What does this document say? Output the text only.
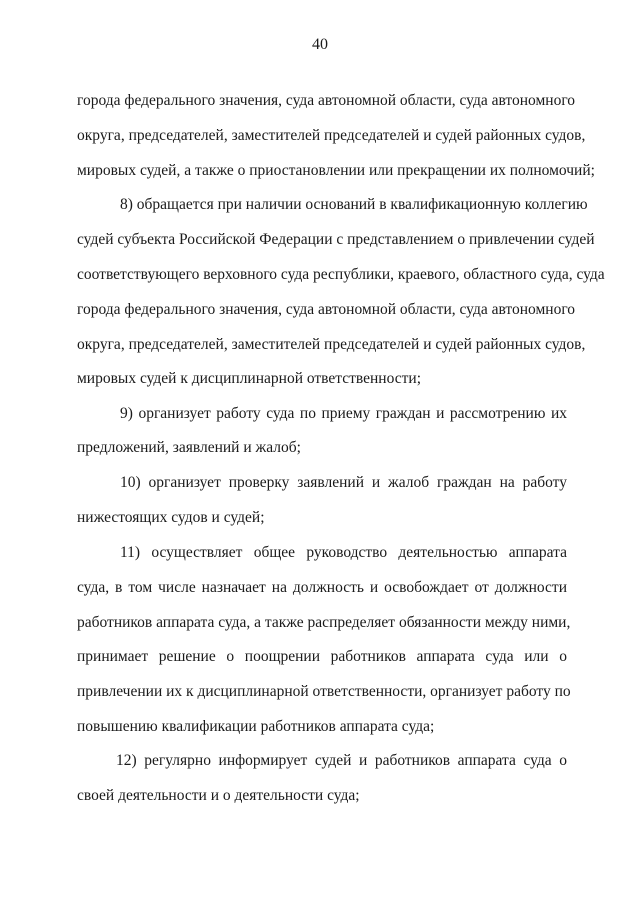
40
города федерального значения, суда автономной области, суда автономного
округа, председателей, заместителей председателей и судей районных судов,
мировых судей, а также о приостановлении или прекращении их полномочий;
8) обращается при наличии оснований в квалификационную коллегию
судей субъекта Российской Федерации с представлением о привлечении судей
соответствующего верховного суда республики, краевого, областного суда, суда
города федерального значения, суда автономной области, суда автономного
округа, председателей, заместителей председателей и судей районных судов,
мировых судей к дисциплинарной ответственности;
9) организует работу суда по приему граждан и рассмотрению их
предложений, заявлений и жалоб;
10) организует проверку заявлений и жалоб граждан на работу
нижестоящих судов и судей;
11) осуществляет общее руководство деятельностью аппарата
суда, в том числе назначает на должность и освобождает от должности
работников аппарата суда, а также распределяет обязанности между ними,
принимает решение о поощрении работников аппарата суда или о
привлечении их к дисциплинарной ответственности, организует работу по
повышению квалификации работников аппарата суда;
12) регулярно информирует судей и работников аппарата суда о
своей деятельности и о деятельности суда;
